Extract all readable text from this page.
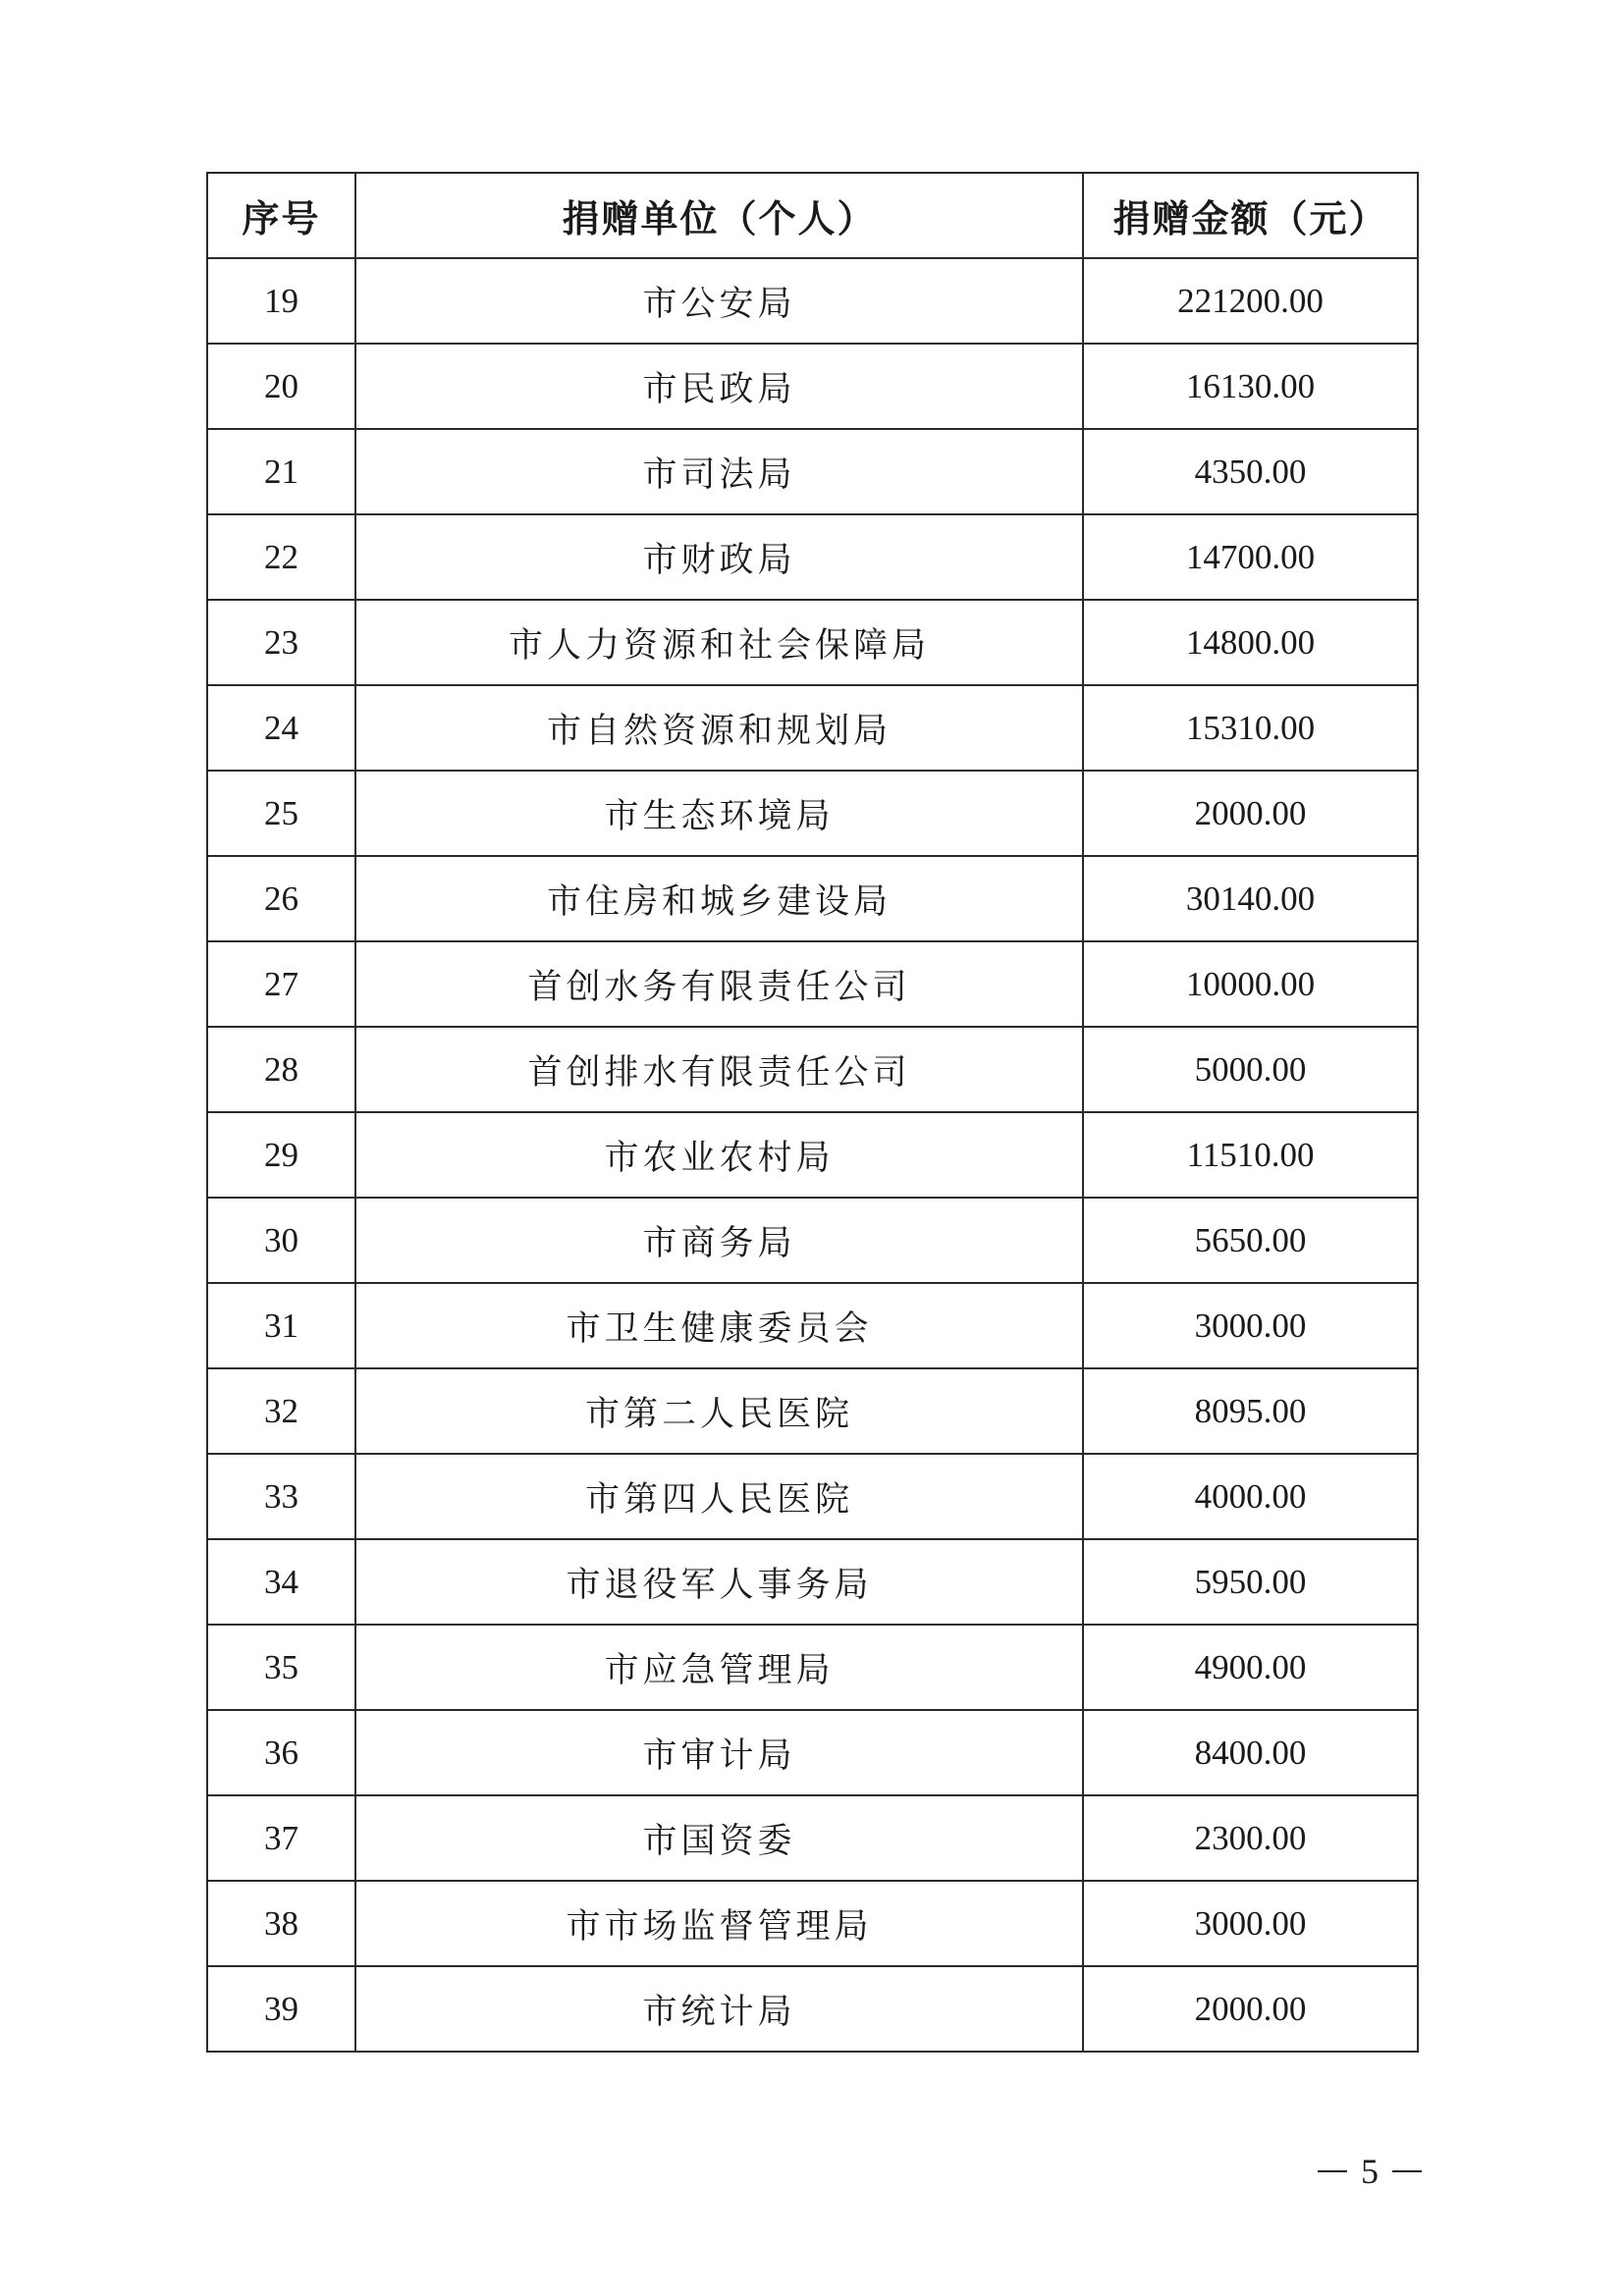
序号	捐赠单位（个人）	捐赠金额（元）
19	市公安局	221200.00
20	市民政局	16130.00
21	市司法局	4350.00
22	市财政局	14700.00
23	市人力资源和社会保障局	14800.00
24	市自然资源和规划局	15310.00
25	市生态环境局	2000.00
26	市住房和城乡建设局	30140.00
27	首创水务有限责任公司	10000.00
28	首创排水有限责任公司	5000.00
29	市农业农村局	11510.00
30	市商务局	5650.00
31	市卫生健康委员会	3000.00
32	市第二人民医院	8095.00
33	市第四人民医院	4000.00
34	市退役军人事务局	5950.00
35	市应急管理局	4900.00
36	市审计局	8400.00
37	市国资委	2300.00
38	市市场监督管理局	3000.00
39	市统计局	2000.00
5
